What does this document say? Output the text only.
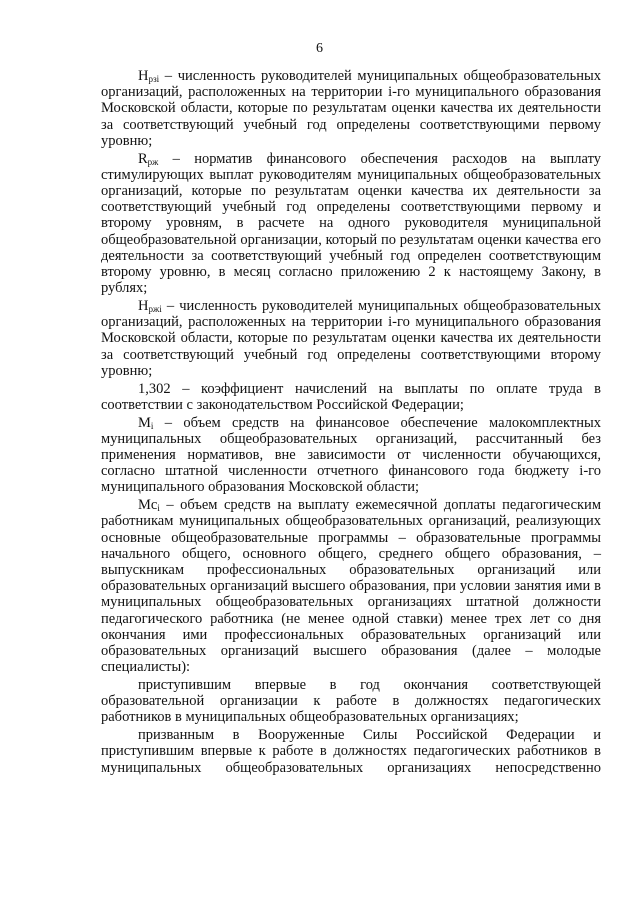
6

$Н_{рзi}$ – численность руководителей муниципальных общеобразовательных организаций, расположенных на территории i-го муниципального образования Московской области, которые по результатам оценки качества их деятельности за соответствующий учебный год определены соответствующими первому уровню;

$R_{рж}$ – норматив финансового обеспечения расходов на выплату стимулирующих выплат руководителям муниципальных общеобразовательных организаций, которые по результатам оценки качества их деятельности за соответствующий учебный год определены соответствующими первому и второму уровням, в расчете на одного руководителя муниципальной общеобразовательной организации, который по результатам оценки качества его деятельности за соответствующий учебный год определен соответствующим второму уровню, в месяц согласно приложению 2 к настоящему Закону, в рублях;

$Н_{ржi}$ – численность руководителей муниципальных общеобразовательных организаций, расположенных на территории i-го муниципального образования Московской области, которые по результатам оценки качества их деятельности за соответствующий учебный год определены соответствующими второму уровню;

1,302 – коэффициент начислений на выплаты по оплате труда в соответствии с законодательством Российской Федерации;

$М_i$ – объем средств на финансовое обеспечение малокомплектных муниципальных общеобразовательных организаций, рассчитанный без применения нормативов, вне зависимости от численности обучающихся, согласно штатной численности отчетного финансового года бюджету i-го муниципального образования Московской области;

$Мс_i$ – объем средств на выплату ежемесячной доплаты педагогическим работникам муниципальных общеобразовательных организаций, реализующих основные общеобразовательные программы – образовательные программы начального общего, основного общего, среднего общего образования, – выпускникам профессиональных образовательных организаций или образовательных организаций высшего образования, при условии занятия ими в муниципальных общеобразовательных организациях штатной должности педагогического работника (не менее одной ставки) менее трех лет со дня окончания ими профессиональных образовательных организаций или образовательных организаций высшего образования (далее – молодые специалисты):

приступившим впервые в год окончания соответствующей образовательной организации к работе в должностях педагогических работников в муниципальных общеобразовательных организациях;

призванным в Вооруженные Силы Российской Федерации и приступившим впервые к работе в должностях педагогических работников в муниципальных общеобразовательных организациях непосредственно
